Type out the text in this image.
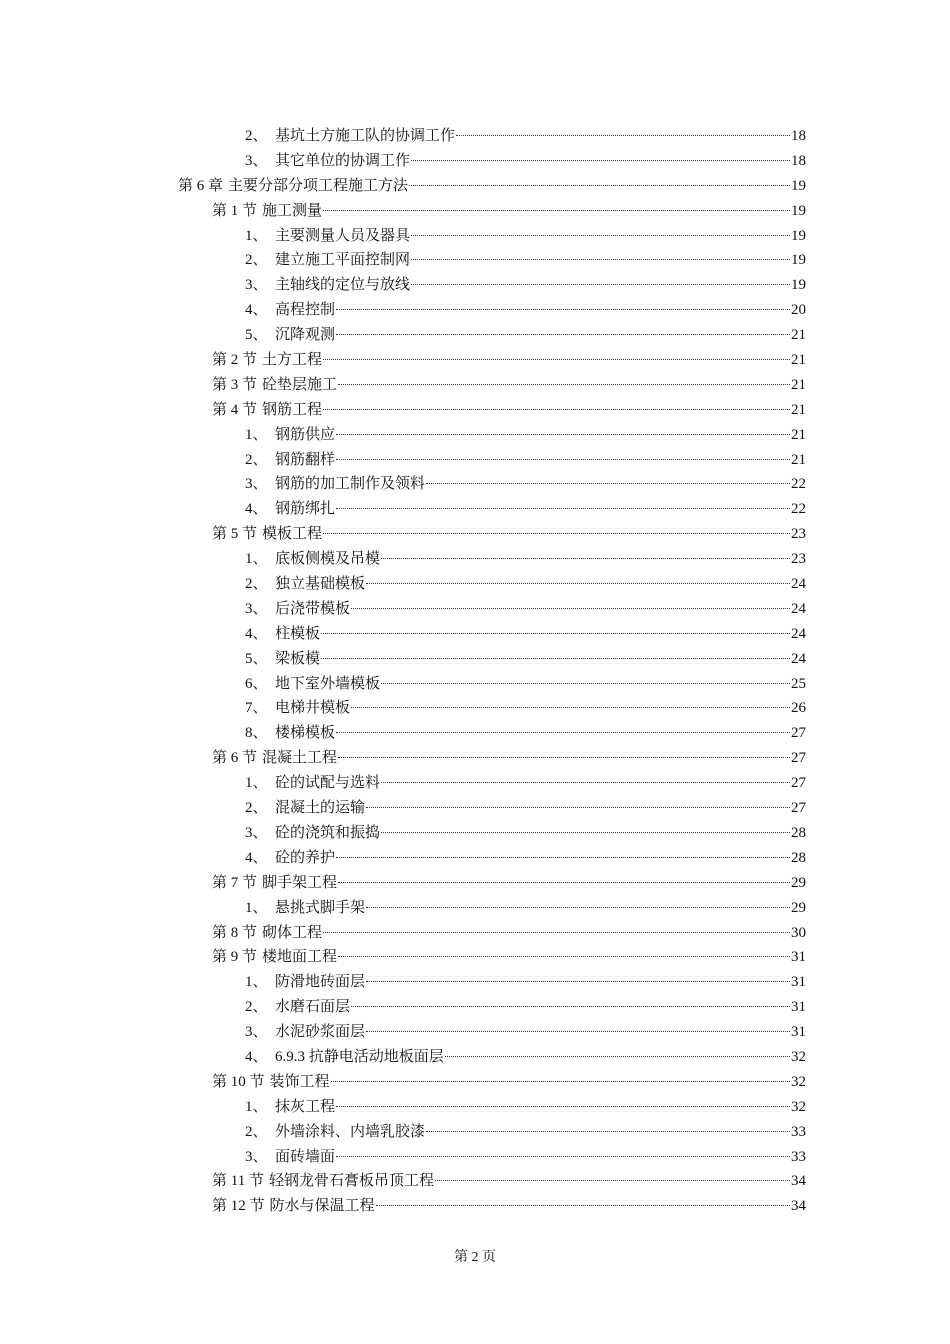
2、 基坑土方施工队的协调工作	18
3、 其它单位的协调工作	18
第 6 章 主要分部分项工程施工方法	19
第 1 节 施工测量	19
1、 主要测量人员及器具	19
2、 建立施工平面控制网	19
3、 主轴线的定位与放线	19
4、 高程控制	20
5、 沉降观测	21
第 2 节 土方工程	21
第 3 节 砼垫层施工	21
第 4 节 钢筋工程	21
1、 钢筋供应	21
2、 钢筋翻样	21
3、 钢筋的加工制作及领料	22
4、 钢筋绑扎	22
第 5 节 模板工程	23
1、 底板侧模及吊模	23
2、 独立基础模板	24
3、 后浇带模板	24
4、 柱模板	24
5、 梁板模	24
6、 地下室外墙模板	25
7、 电梯井模板	26
8、 楼梯模板	27
第 6 节 混凝土工程	27
1、 砼的试配与选料	27
2、 混凝土的运输	27
3、 砼的浇筑和振捣	28
4、 砼的养护	28
第 7 节 脚手架工程	29
1、 悬挑式脚手架	29
第 8 节 砌体工程	30
第 9 节 楼地面工程	31
1、 防滑地砖面层	31
2、 水磨石面层	31
3、 水泥砂浆面层	31
4、 6.9.3 抗静电活动地板面层	32
第 10 节 装饰工程	32
1、 抹灰工程	32
2、 外墙涂料、内墙乳胶漆	33
3、 面砖墙面	33
第 11 节 轻钢龙骨石膏板吊顶工程	34
第 12 节 防水与保温工程	34
第 2 页
